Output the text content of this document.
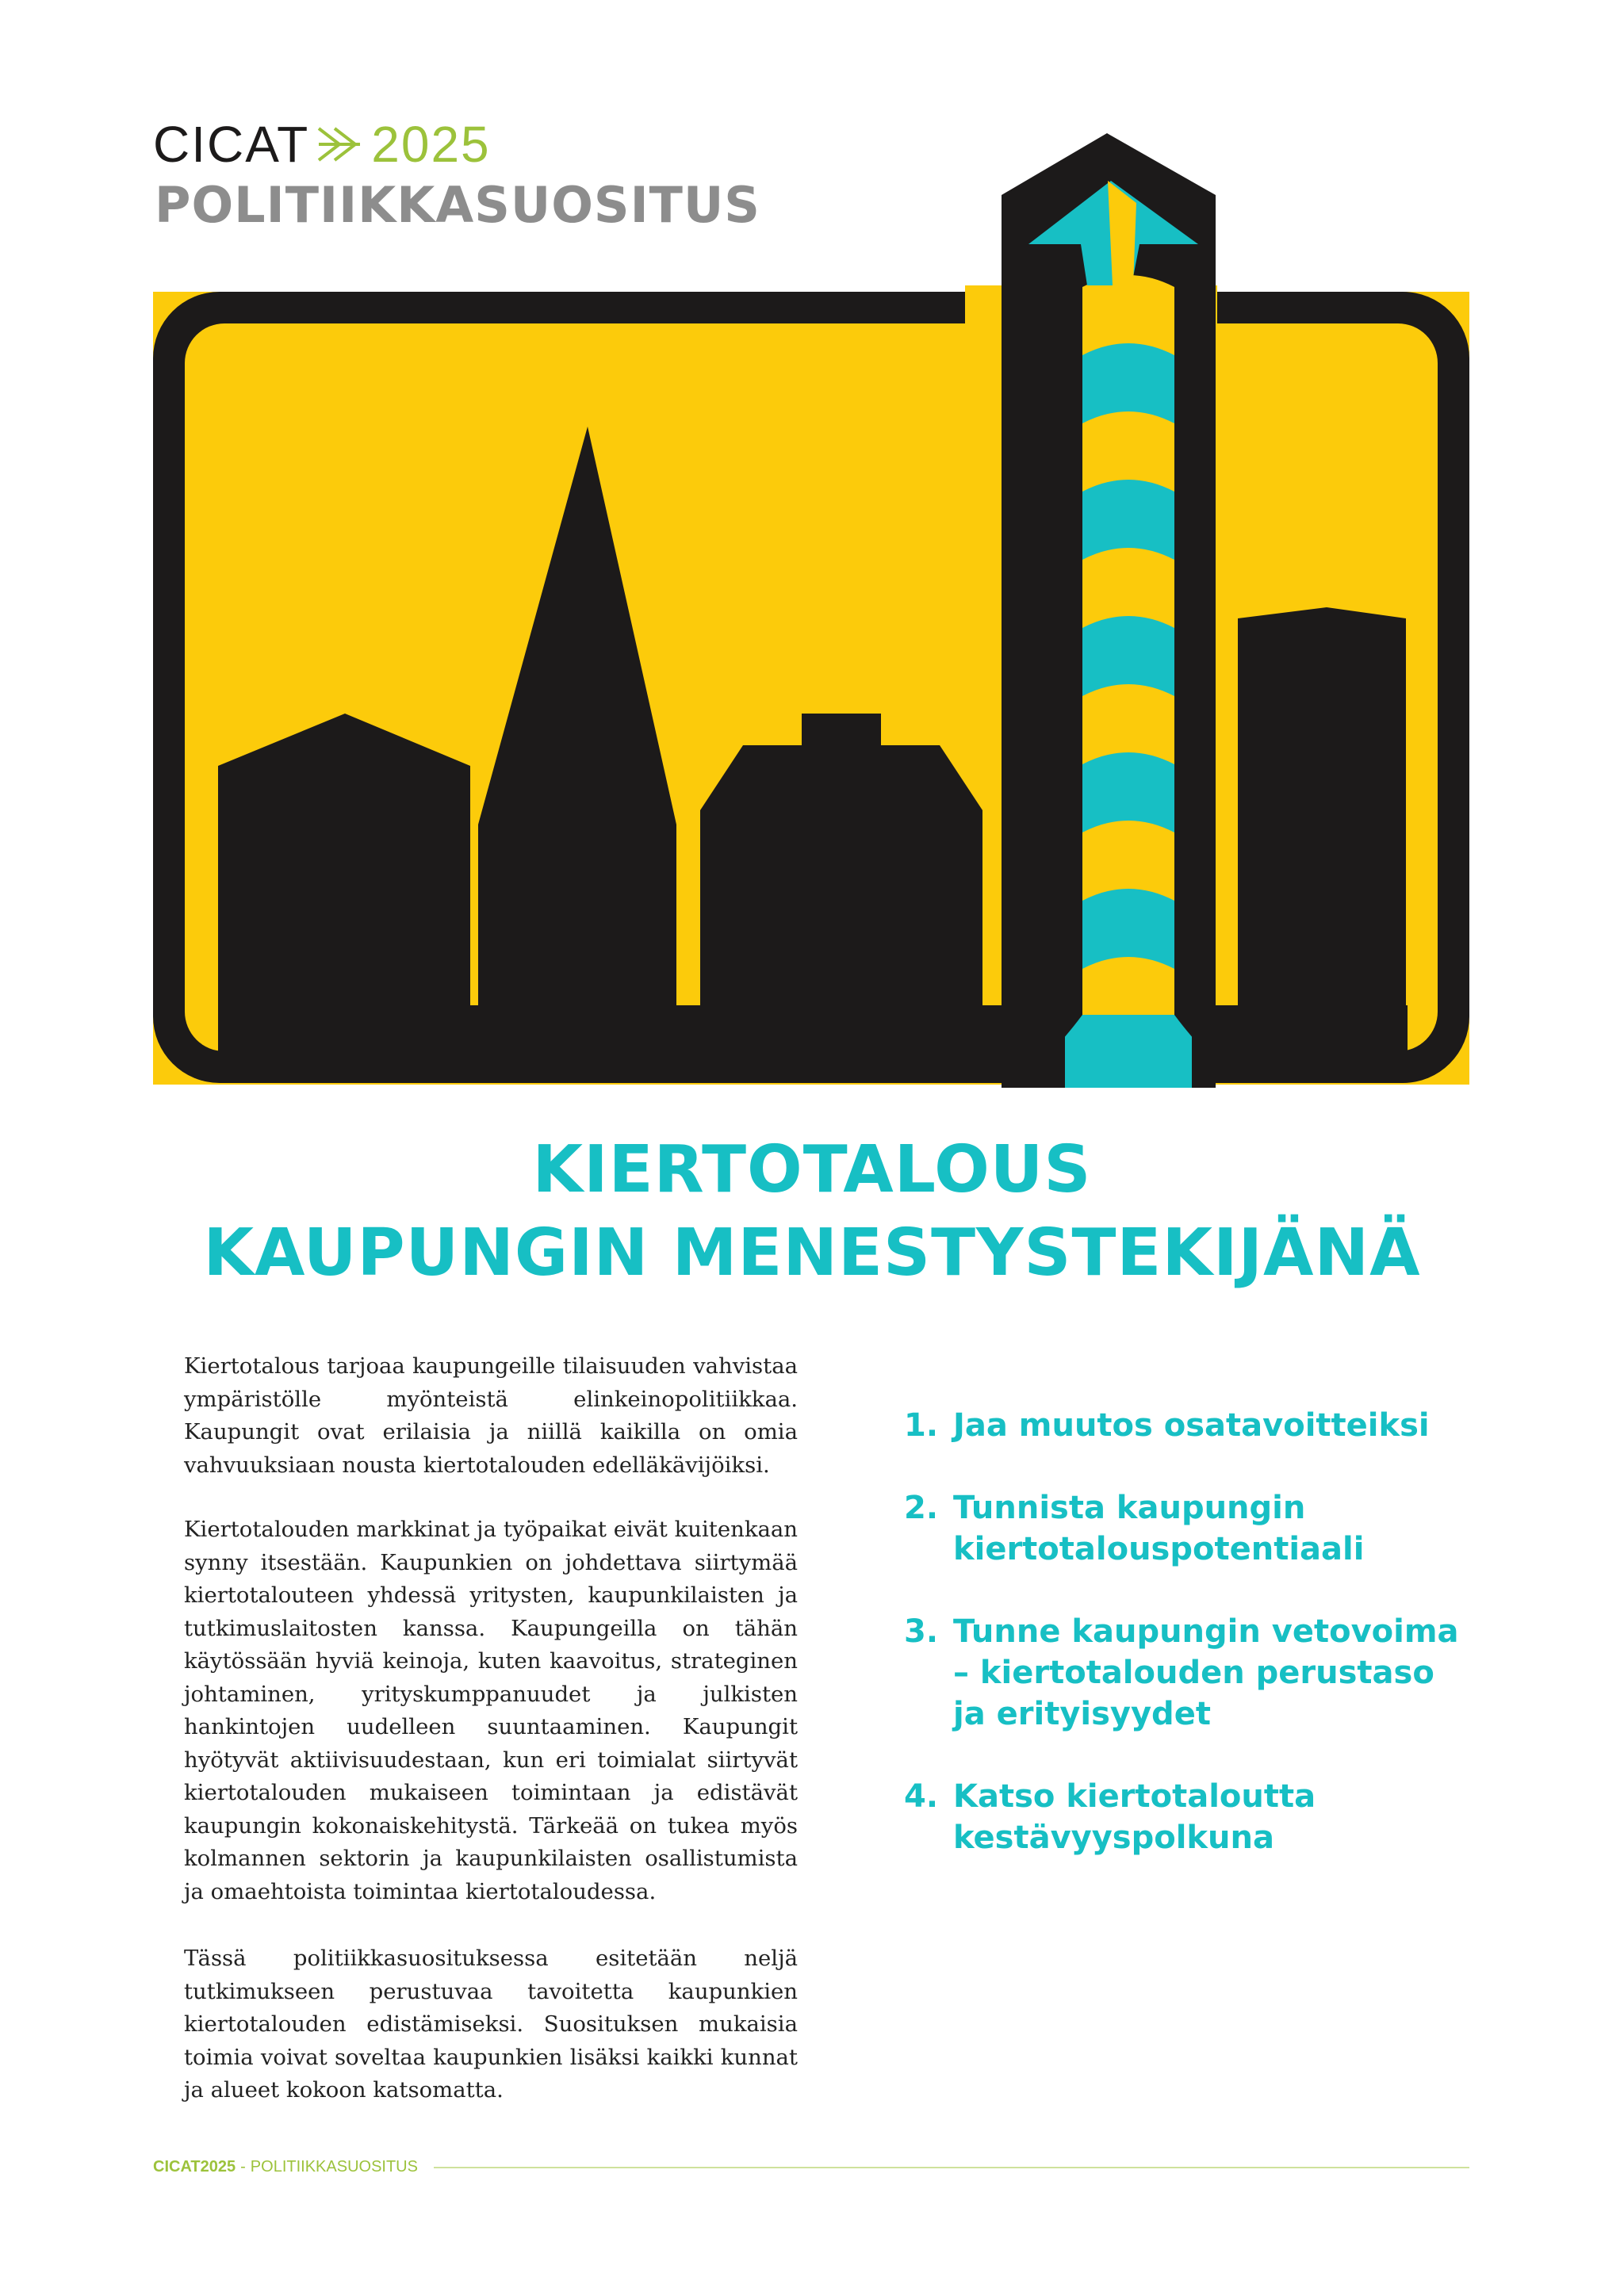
CICAT 2025
POLITIIKKASUOSITUS
KIERTOTALOUS
KAUPUNGIN MENESTYSTEKIJÄNÄ

Kiertotalous tarjoaa kaupungeille tilaisuuden vahvistaa ympäristölle myönteistä elinkeinopolitiikkaa. Kaupungit ovat erilaisia ja niillä kaikilla on omia vahvuuksiaan nousta kiertotalouden edelläkävijöiksi.

Kiertotalouden markkinat ja työpaikat eivät kuitenkaan synny itsestään. Kaupunkien on johdettava siirtymää kiertotalouteen yhdessä yritysten, kaupunkilaisten ja tutkimuslaitosten kanssa. Kaupungeilla on tähän käytössään hyviä keinoja, kuten kaavoitus, strateginen johtaminen, yrityskumppanuudet ja julkisten hankintojen uudelleen suuntaaminen. Kaupungit hyötyvät aktiivisuudestaan, kun eri toimialat siirtyvät kiertotalouden mukaiseen toimintaan ja edistävät kaupungin kokonaiskehitystä. Tärkeää on tukea myös kolmannen sektorin ja kaupunkilaisten osallistumista ja omaehtoista toimintaa kiertotaloudessa.

Tässä politiikkasuosituksessa esitetään neljä tutkimukseen perustuvaa tavoitetta kaupunkien kiertotalouden edistämiseksi. Suosituksen mukaisia toimia voivat soveltaa kaupunkien lisäksi kaikki kunnat ja alueet kokoon katsomatta.

1. Jaa muutos osatavoitteiksi
2. Tunnista kaupungin kiertotalouspotentiaali
3. Tunne kaupungin vetovoima – kiertotalouden perustaso ja erityisyydet
4. Katso kiertotaloutta kestävyyspolkuna
CICAT2025 - POLITIIKKASUOSITUS
